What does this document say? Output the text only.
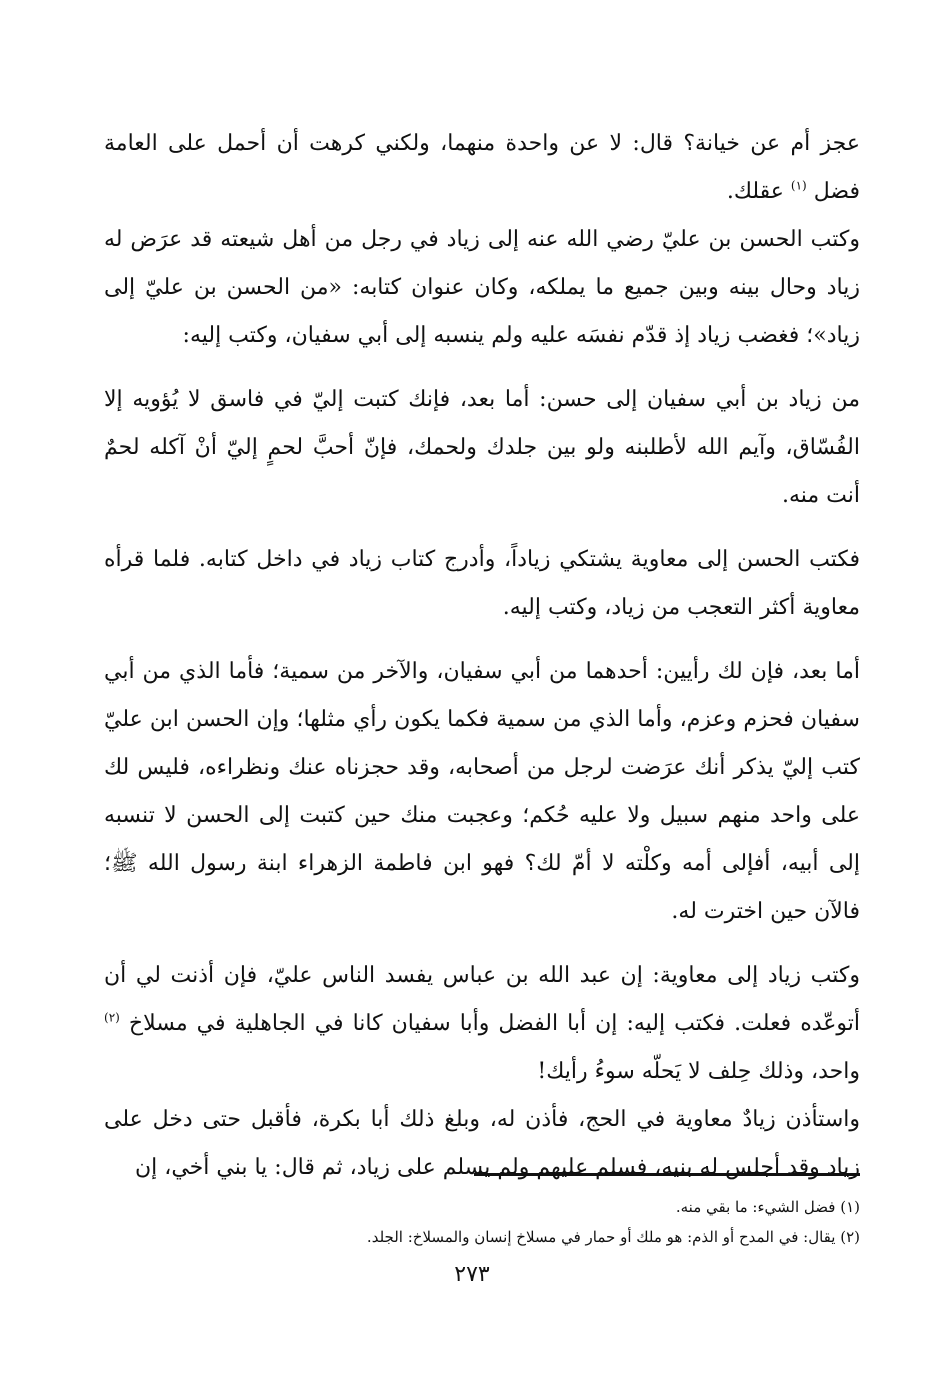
عجز أم عن خيانة؟ قال: لا عن واحدة منهما، ولكني كرهت أن أحمل على العامة فضل $^{(١)}$ عقلك.

وكتب الحسن بن عليّ رضي الله عنه إلى زياد في رجل من أهل شيعته قد عرَض له زياد وحال بينه وبين جميع ما يملكه، وكان عنوان كتابه: «من الحسن بن عليّ إلى زياد»؛ فغضب زياد إذ قدّم نفسَه عليه ولم ينسبه إلى أبي سفيان، وكتب إليه:

من زياد بن أبي سفيان إلى حسن: أما بعد، فإنك كتبت إليّ في فاسق لا يُؤويه إلا الفُسّاق، وآيم الله لأطلبنه ولو بين جلدك ولحمك، فإنّ أحبَّ لحمٍ إليّ أنْ آكله لحمٌ أنت منه.

فكتب الحسن إلى معاوية يشتكي زياداً، وأدرج كتاب زياد في داخل كتابه. فلما قرأه معاوية أكثر التعجب من زياد، وكتب إليه.

أما بعد، فإن لك رأيين: أحدهما من أبي سفيان، والآخر من سمية؛ فأما الذي من أبي سفيان فحزم وعزم، وأما الذي من سمية فكما يكون رأي مثلها؛ وإن الحسن ابن عليّ كتب إليّ يذكر أنك عرَضت لرجل من أصحابه، وقد حجزناه عنك ونظراءه، فليس لك على واحد منهم سبيل ولا عليه حُكم؛ وعجبت منك حين كتبت إلى الحسن لا تنسبه إلى أبيه، أفإلى أمه وكلْته لا أمّ لك؟ فهو ابن فاطمة الزهراء ابنة رسول الله ﷺ؛ فالآن حين اخترت له.

وكتب زياد إلى معاوية: إن عبد الله بن عباس يفسد الناس عليّ، فإن أذنت لي أن أتوعّده فعلت. فكتب إليه: إن أبا الفضل وأبا سفيان كانا في الجاهلية في مسلاخ $^{(٢)}$ واحد، وذلك حِلف لا يَحلّه سوءُ رأيك!

واستأذن زيادٌ معاوية في الحج، فأذن له، وبلغ ذلك أبا بكرة، فأقبل حتى دخل على زياد وقد أجلس له بنيه، فسلم عليهم ولم يسلم على زياد، ثم قال: يا بني أخي، إن

(١) فضل الشيء: ما بقي منه.

(٢) يقال: في المدح أو الذم: هو ملك أو حمار في مسلاخ إنسان والمسلاخ: الجلد.

٢٧٣
